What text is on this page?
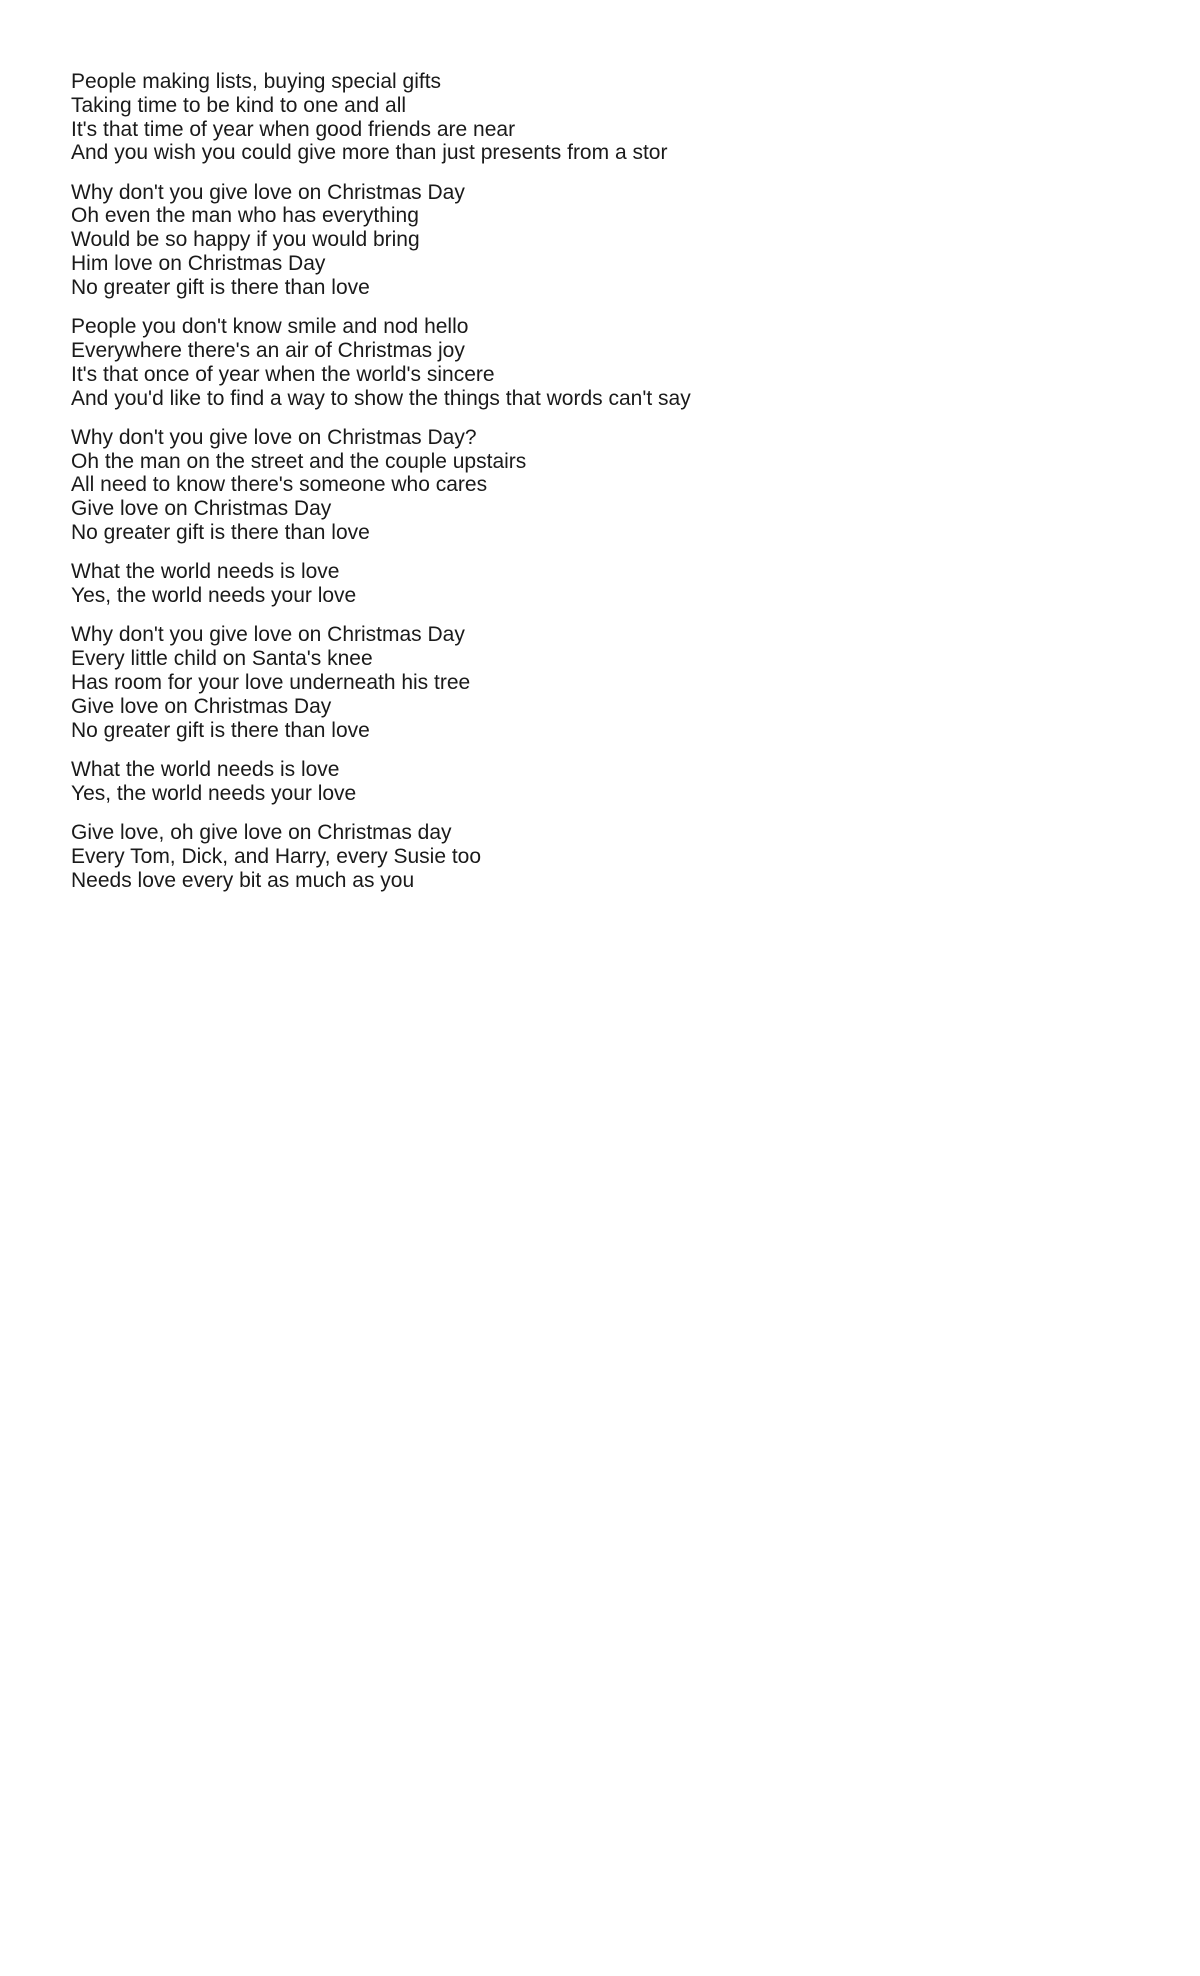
People making lists, buying special gifts
Taking time to be kind to one and all
It's that time of year when good friends are near
And you wish you could give more than just presents from a stor
Why don't you give love on Christmas Day
Oh even the man who has everything
Would be so happy if you would bring
Him love on Christmas Day
No greater gift is there than love
People you don't know smile and nod hello
Everywhere there's an air of Christmas joy
It's that once of year when the world's sincere
And you'd like to find a way to show the things that words can't say
Why don't you give love on Christmas Day?
Oh the man on the street and the couple upstairs
All need to know there's someone who cares
Give love on Christmas Day
No greater gift is there than love
What the world needs is love
Yes, the world needs your love
Why don't you give love on Christmas Day
Every little child on Santa's knee
Has room for your love underneath his tree
Give love on Christmas Day
No greater gift is there than love
What the world needs is love
Yes, the world needs your love
Give love, oh give love on Christmas day
Every Tom, Dick, and Harry, every Susie too
Needs love every bit as much as you
